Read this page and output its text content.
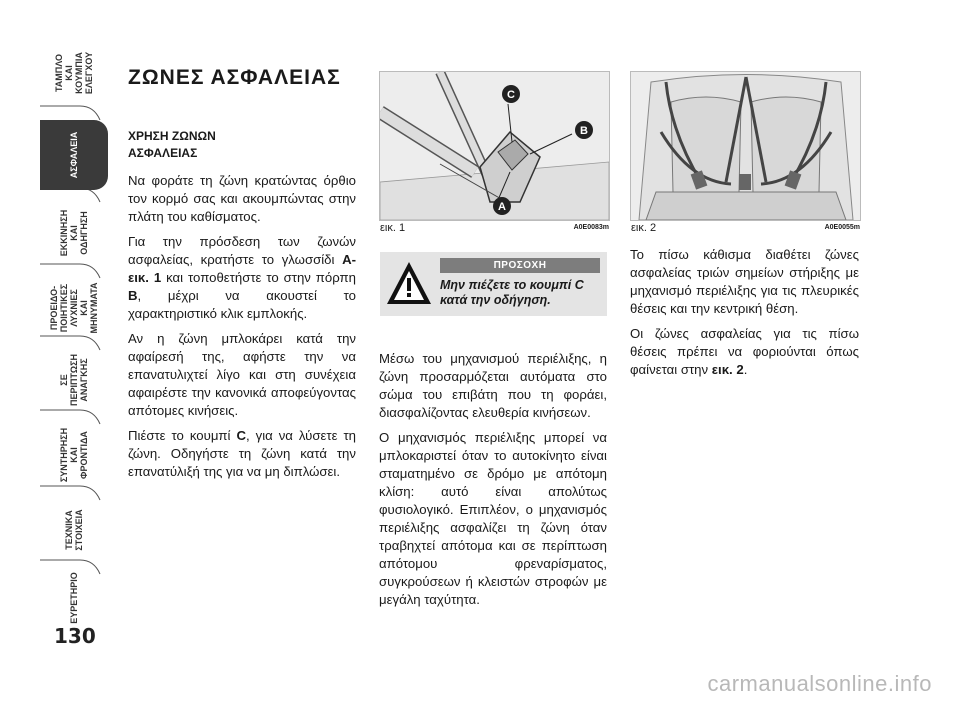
ΤΑΜΠΛΟ ΚΑΙ
ΚΟΥΜΠΙΑ
ΕΛΕΓΧΟΥ
ΑΣΦΑΛΕΙΑ
ΕΚΚΙΝΗΣΗ
ΚΑΙ
ΟΔΗΓΗΣΗ
ΠΡΟΕΙΔΟ-
ΠΟΙΗΤΙΚΕΣ
ΛΥΧΝΙΕΣ ΚΑΙ
ΜΗΝΥΜΑΤΑ
ΣΕ
ΠΕΡΙΠΤΩΣΗ
ΑΝΑΓΚΗΣ
ΣΥΝΤΗΡΗΣΗ
ΚΑΙ
ΦΡΟΝΤΙΔΑ
ΤΕΧΝΙΚΑ
ΣΤΟΙΧΕΙΑ
ΕΥΡΕΤΗΡΙΟ
130
ΖΩΝΕΣ ΑΣΦΑΛΕΙΑΣ
ΧΡΗΣΗ ΖΩΝΩΝ
ΑΣΦΑΛΕΙΑΣ

Να φοράτε τη ζώνη κρατώντας όρθιο τον κορμό σας και ακουμπώντας στην πλάτη του καθίσματος.

Για την πρόσδεση των ζωνών ασφαλείας, κρατήστε το γλωσσίδι A-εικ. 1 και τοποθετήστε το στην πόρπη B, μέχρι να ακουστεί το χαρακτηριστικό κλικ εμπλοκής.

Αν η ζώνη μπλοκάρει κατά την αφαίρεσή της, αφήστε την να επανατυλιχτεί λίγο και στη συνέχεια αφαιρέστε την κανονικά αποφεύγοντας απότομες κινήσεις.

Πιέστε το κουμπί C, για να λύσετε τη ζώνη. Οδηγήστε τη ζώνη κατά την επανατύλιξή της για να μη διπλώσει.

A
C
B
εικ. 1	A0E0083m
ΠΡΟΣΟΧΗ
Μην πιέζετε το κουμπί C κατά την οδήγηση.

Μέσω του μηχανισμού περιέλιξης, η ζώνη προσαρμόζεται αυτόματα στο σώμα του επιβάτη που τη φοράει, διασφαλίζοντας ελευθερία κινήσεων.

Ο μηχανισμός περιέλιξης μπορεί να μπλοκαριστεί όταν το αυτοκίνητο είναι σταματημένο σε δρόμο με απότομη κλίση: αυτό είναι απολύτως φυσιολογικό. Επιπλέον, ο μηχανισμός περιέλιξης ασφαλίζει τη ζώνη όταν τραβηχτεί απότομα και σε περίπτωση απότομου φρεναρίσματος, συγκρούσεων ή κλειστών στροφών με μεγάλη ταχύτητα.

εικ. 2	A0E0055m

Το πίσω κάθισμα διαθέτει ζώνες ασφαλείας τριών σημείων στήριξης με μηχανισμό περιέλιξης για τις πλευρικές θέσεις και την κεντρική θέση.

Οι ζώνες ασφαλείας για τις πίσω θέσεις πρέπει να φοριούνται όπως φαίνεται στην εικ. 2.

carmanualsonline.info
